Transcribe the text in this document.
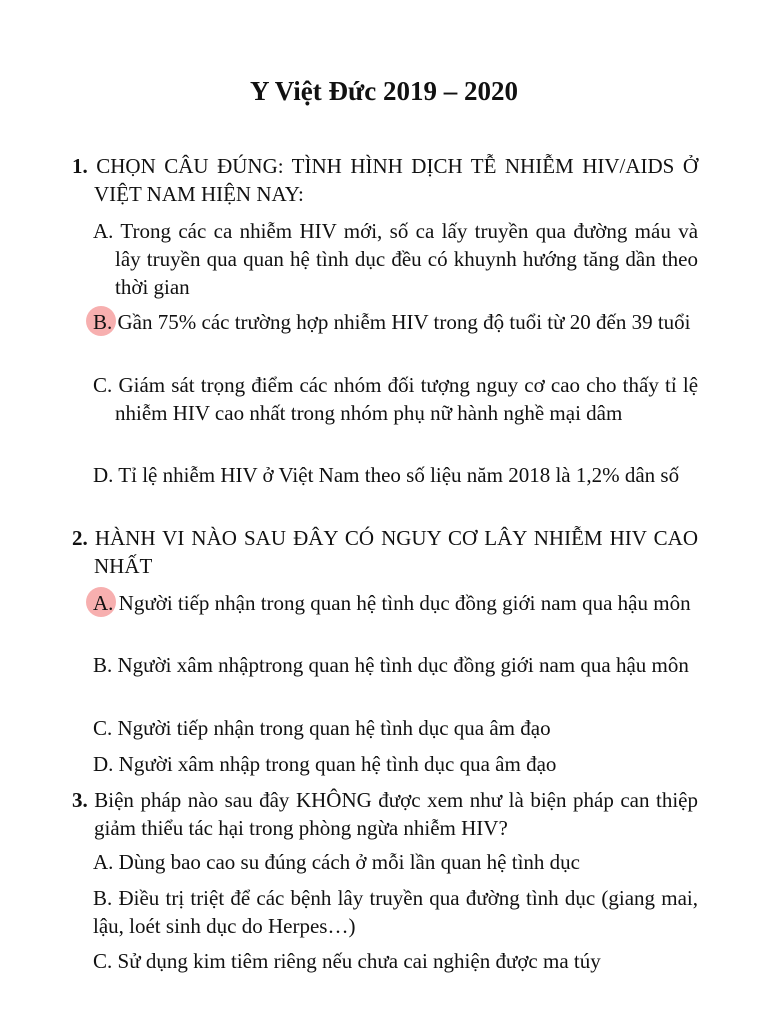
Y Việt Đức 2019 – 2020
1. CHỌN CÂU ĐÚNG: TÌNH HÌNH DỊCH TỄ NHIỄM HIV/AIDS Ở VIỆT NAM HIỆN NAY:
A. Trong các ca nhiễm HIV mới, số ca lấy truyền qua đường máu và lây truyền qua quan hệ tình dục đều có khuynh hướng tăng dần theo thời gian
B. Gần 75% các trường hợp nhiễm HIV trong độ tuổi từ 20 đến 39 tuổi
C. Giám sát trọng điểm các nhóm đối tượng nguy cơ cao cho thấy tỉ lệ nhiễm HIV cao nhất trong nhóm phụ nữ hành nghề mại dâm
D. Tỉ lệ nhiễm HIV ở Việt Nam theo số liệu năm 2018 là 1,2% dân số
2. HÀNH VI NÀO SAU ĐÂY CÓ NGUY CƠ LÂY NHIỄM HIV CAO NHẤT
A. Người tiếp nhận trong quan hệ tình dục đồng giới nam qua hậu môn
B. Người xâm nhậptrong quan hệ tình dục đồng giới nam qua hậu môn
C. Người tiếp nhận trong quan hệ tình dục qua âm đạo
D. Người xâm nhập trong quan hệ tình dục qua âm đạo
3. Biện pháp nào sau đây KHÔNG được xem như là biện pháp can thiệp giảm thiểu tác hại trong phòng ngừa nhiễm HIV?
A. Dùng bao cao su đúng cách ở mỗi lần quan hệ tình dục
B. Điều trị triệt để các bệnh lây truyền qua đường tình dục (giang mai, lậu, loét sinh dục do Herpes…)
C. Sử dụng kim tiêm riêng nếu chưa cai nghiện được ma túy
